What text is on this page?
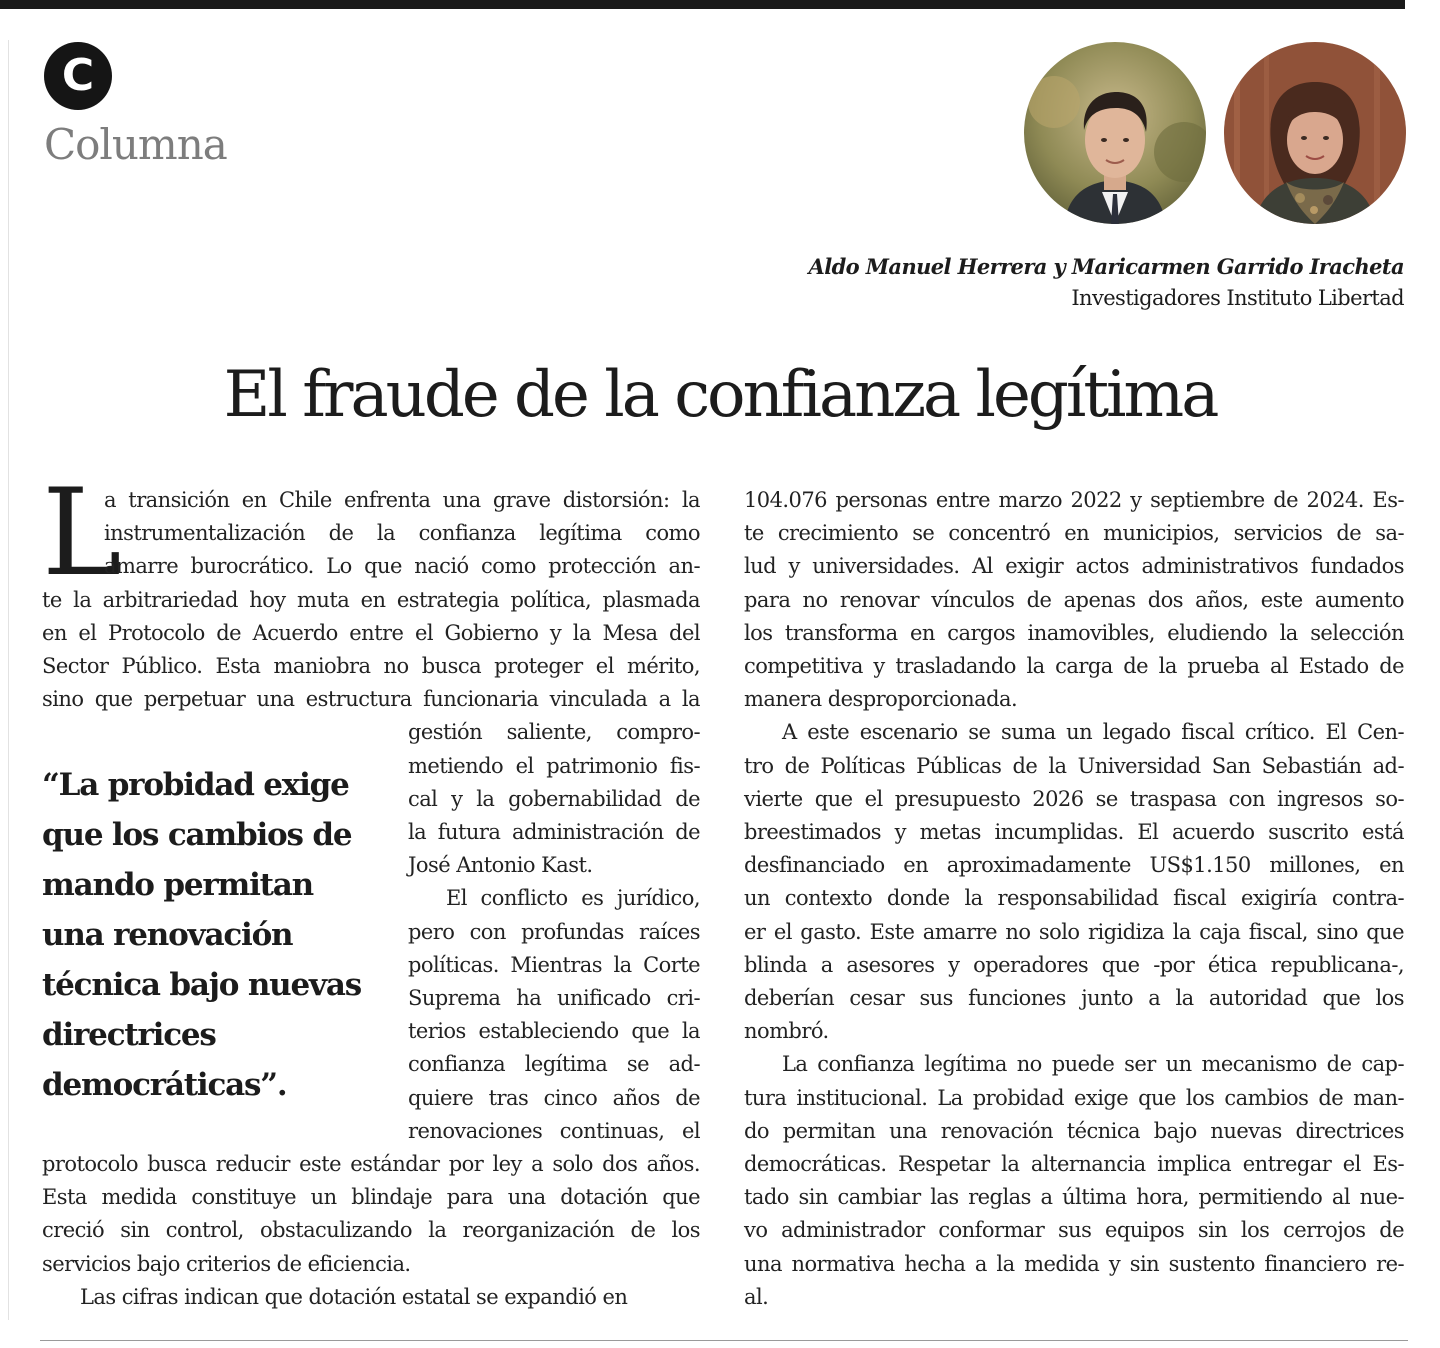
C
Columna
Aldo Manuel Herrera y Maricarmen Garrido Iracheta
Investigadores Instituto Libertad
El fraude de la confianza legítima
L

“La probidad exige que los cambios de mando permitan una renovación técnica bajo nuevas directrices democráticas”.

a transición en Chile enfrenta una grave distorsión: la
instrumentalización de la confianza legítima como
amarre burocrático. Lo que nació como protección an-
te la arbitrariedad hoy muta en estrategia política, plasmada
en el Protocolo de Acuerdo entre el Gobierno y la Mesa del
Sector Público. Esta maniobra no busca proteger el mérito,
sino que perpetuar una estructura funcionaria vinculada a la
gestión saliente, compro-
metiendo el patrimonio fis-
cal y la gobernabilidad de
la futura administración de
José Antonio Kast.
El conflicto es jurídico,
pero con profundas raíces
políticas. Mientras la Corte
Suprema ha unificado cri-
terios estableciendo que la
confianza legítima se ad-
quiere tras cinco años de
renovaciones continuas, el
protocolo busca reducir este estándar por ley a solo dos años.
Esta medida constituye un blindaje para una dotación que
creció sin control, obstaculizando la reorganización de los
servicios bajo criterios de eficiencia.
Las cifras indican que dotación estatal se expandió en
104.076 personas entre marzo 2022 y septiembre de 2024. Es-
te crecimiento se concentró en municipios, servicios de sa-
lud y universidades. Al exigir actos administrativos fundados
para no renovar vínculos de apenas dos años, este aumento
los transforma en cargos inamovibles, eludiendo la selección
competitiva y trasladando la carga de la prueba al Estado de
manera desproporcionada.
A este escenario se suma un legado fiscal crítico. El Cen-
tro de Políticas Públicas de la Universidad San Sebastián ad-
vierte que el presupuesto 2026 se traspasa con ingresos so-
breestimados y metas incumplidas. El acuerdo suscrito está
desfinanciado en aproximadamente US$1.150 millones, en
un contexto donde la responsabilidad fiscal exigiría contra-
er el gasto. Este amarre no solo rigidiza la caja fiscal, sino que
blinda a asesores y operadores que -por ética republicana-,
deberían cesar sus funciones junto a la autoridad que los
nombró.
La confianza legítima no puede ser un mecanismo de cap-
tura institucional. La probidad exige que los cambios de man-
do permitan una renovación técnica bajo nuevas directrices
democráticas. Respetar la alternancia implica entregar el Es-
tado sin cambiar las reglas a última hora, permitiendo al nue-
vo administrador conformar sus equipos sin los cerrojos de
una normativa hecha a la medida y sin sustento financiero re-
al.
